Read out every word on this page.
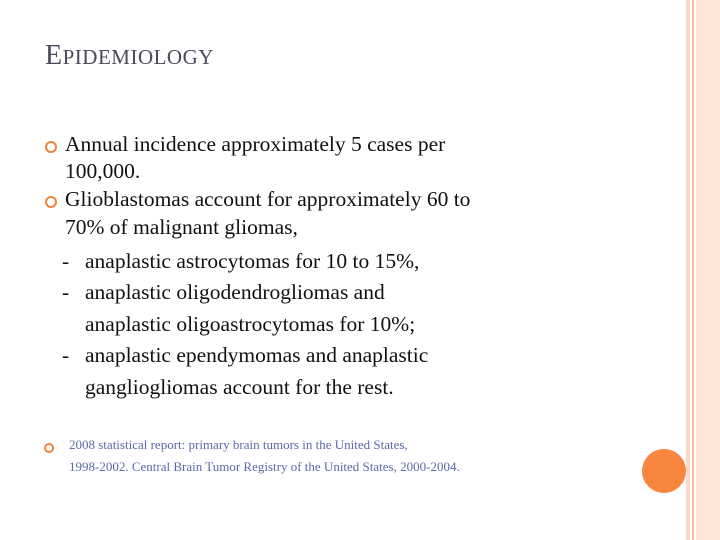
EPIDEMIOLOGY
Annual incidence approximately 5 cases per
100,000.
Glioblastomas account for approximately 60 to
70% of malignant gliomas,
- anaplastic astrocytomas for 10 to 15%,
- anaplastic oligodendrogliomas and
anaplastic oligoastrocytomas for 10%;
- anaplastic ependymomas and anaplastic
gangliogliomas account for the rest.
2008 statistical report: primary brain tumors in the United States,
1998-2002. Central Brain Tumor Registry of the United States, 2000-2004.
